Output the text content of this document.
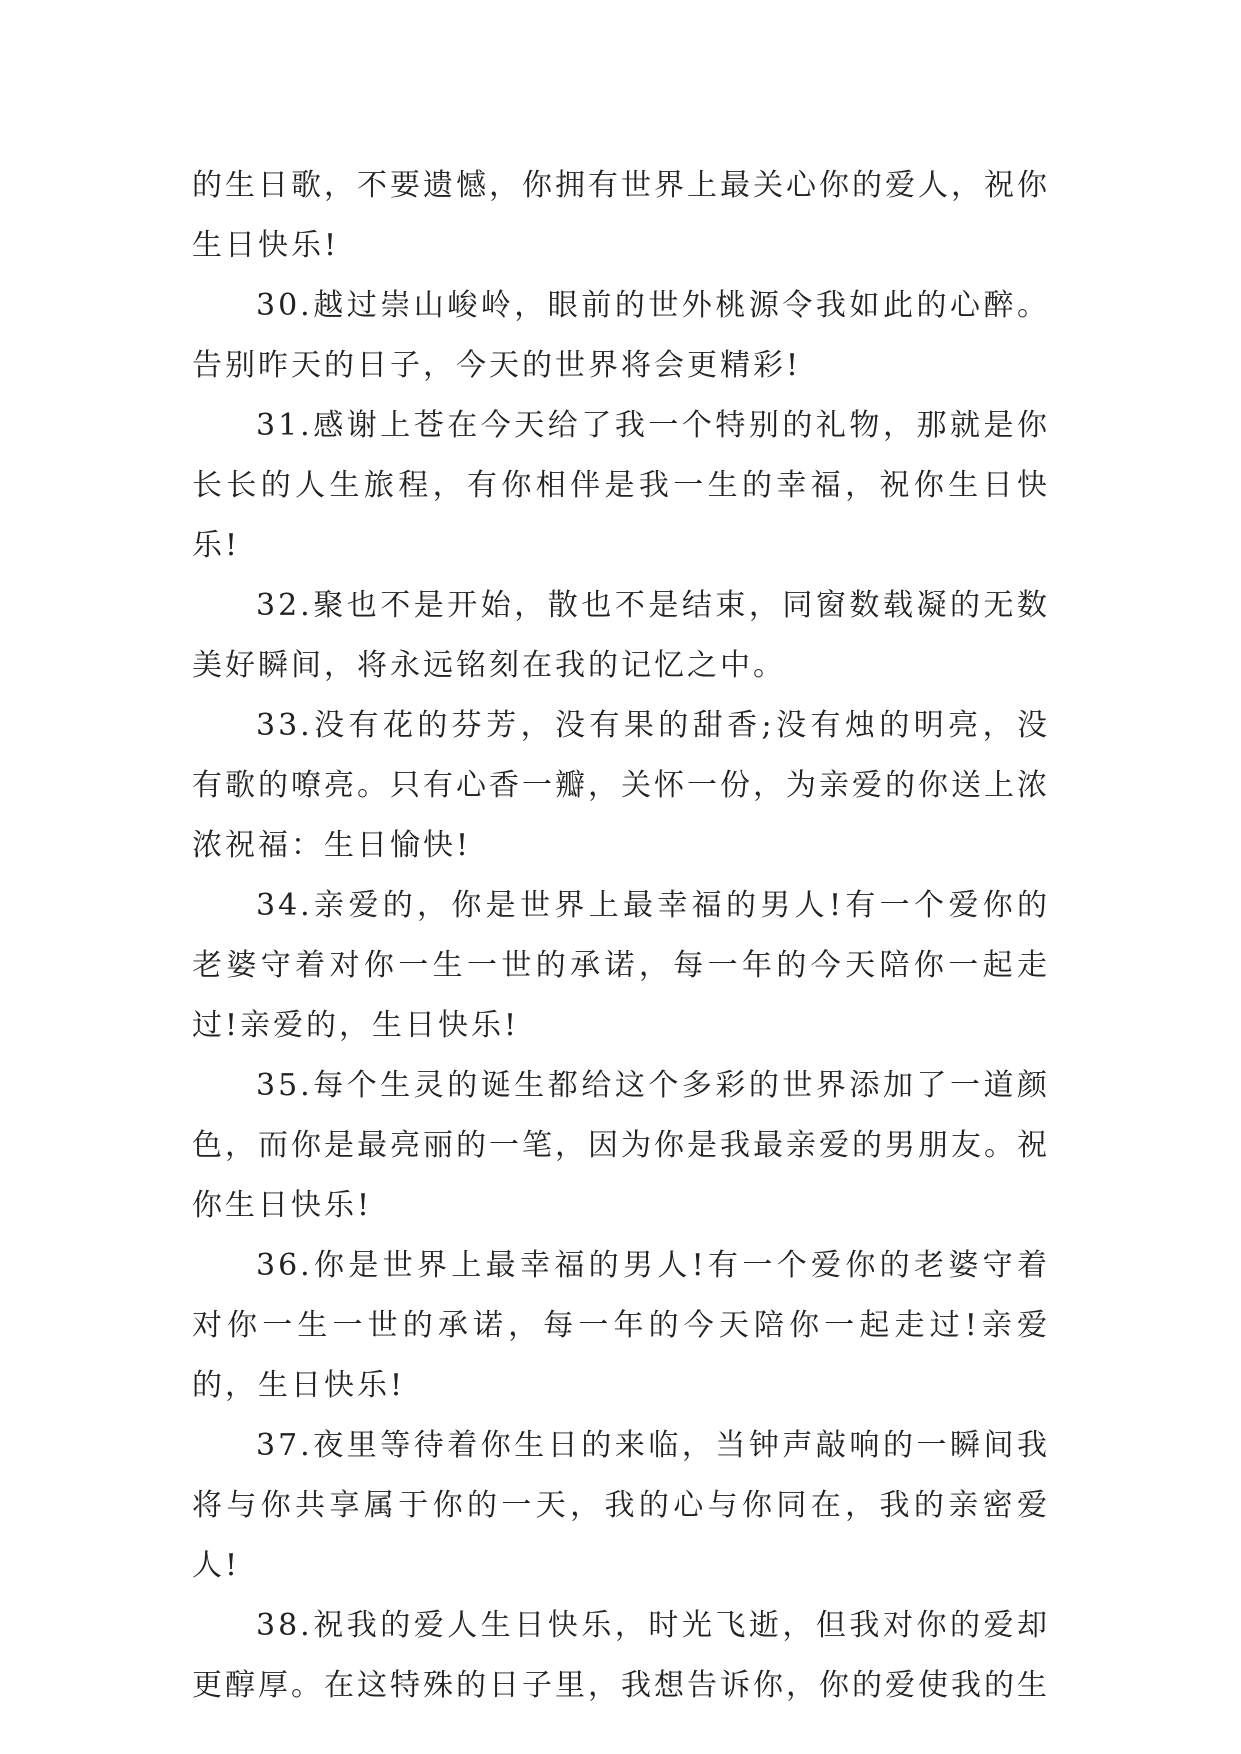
的生日歌，不要遗憾，你拥有世界上最关心你的爱人，祝你生日快乐!

30.越过崇山峻岭，眼前的世外桃源令我如此的心醉。告别昨天的日子，今天的世界将会更精彩!

31.感谢上苍在今天给了我一个特别的礼物，那就是你长长的人生旅程，有你相伴是我一生的幸福，祝你生日快乐!

32.聚也不是开始，散也不是结束，同窗数载凝的无数美好瞬间，将永远铭刻在我的记忆之中。

33.没有花的芬芳，没有果的甜香;没有烛的明亮，没有歌的嘹亮。只有心香一瓣，关怀一份，为亲爱的你送上浓浓祝福：生日愉快!

34.亲爱的，你是世界上最幸福的男人!有一个爱你的老婆守着对你一生一世的承诺，每一年的今天陪你一起走过!亲爱的，生日快乐!

35.每个生灵的诞生都给这个多彩的世界添加了一道颜色，而你是最亮丽的一笔，因为你是我最亲爱的男朋友。祝你生日快乐!

36.你是世界上最幸福的男人!有一个爱你的老婆守着对你一生一世的承诺，每一年的今天陪你一起走过!亲爱的，生日快乐!

37.夜里等待着你生日的来临，当钟声敲响的一瞬间我将与你共享属于你的一天，我的心与你同在，我的亲密爱人!

38.祝我的爱人生日快乐，时光飞逝，但我对你的爱却更醇厚。在这特殊的日子里，我想告诉你，你的爱使我的生
